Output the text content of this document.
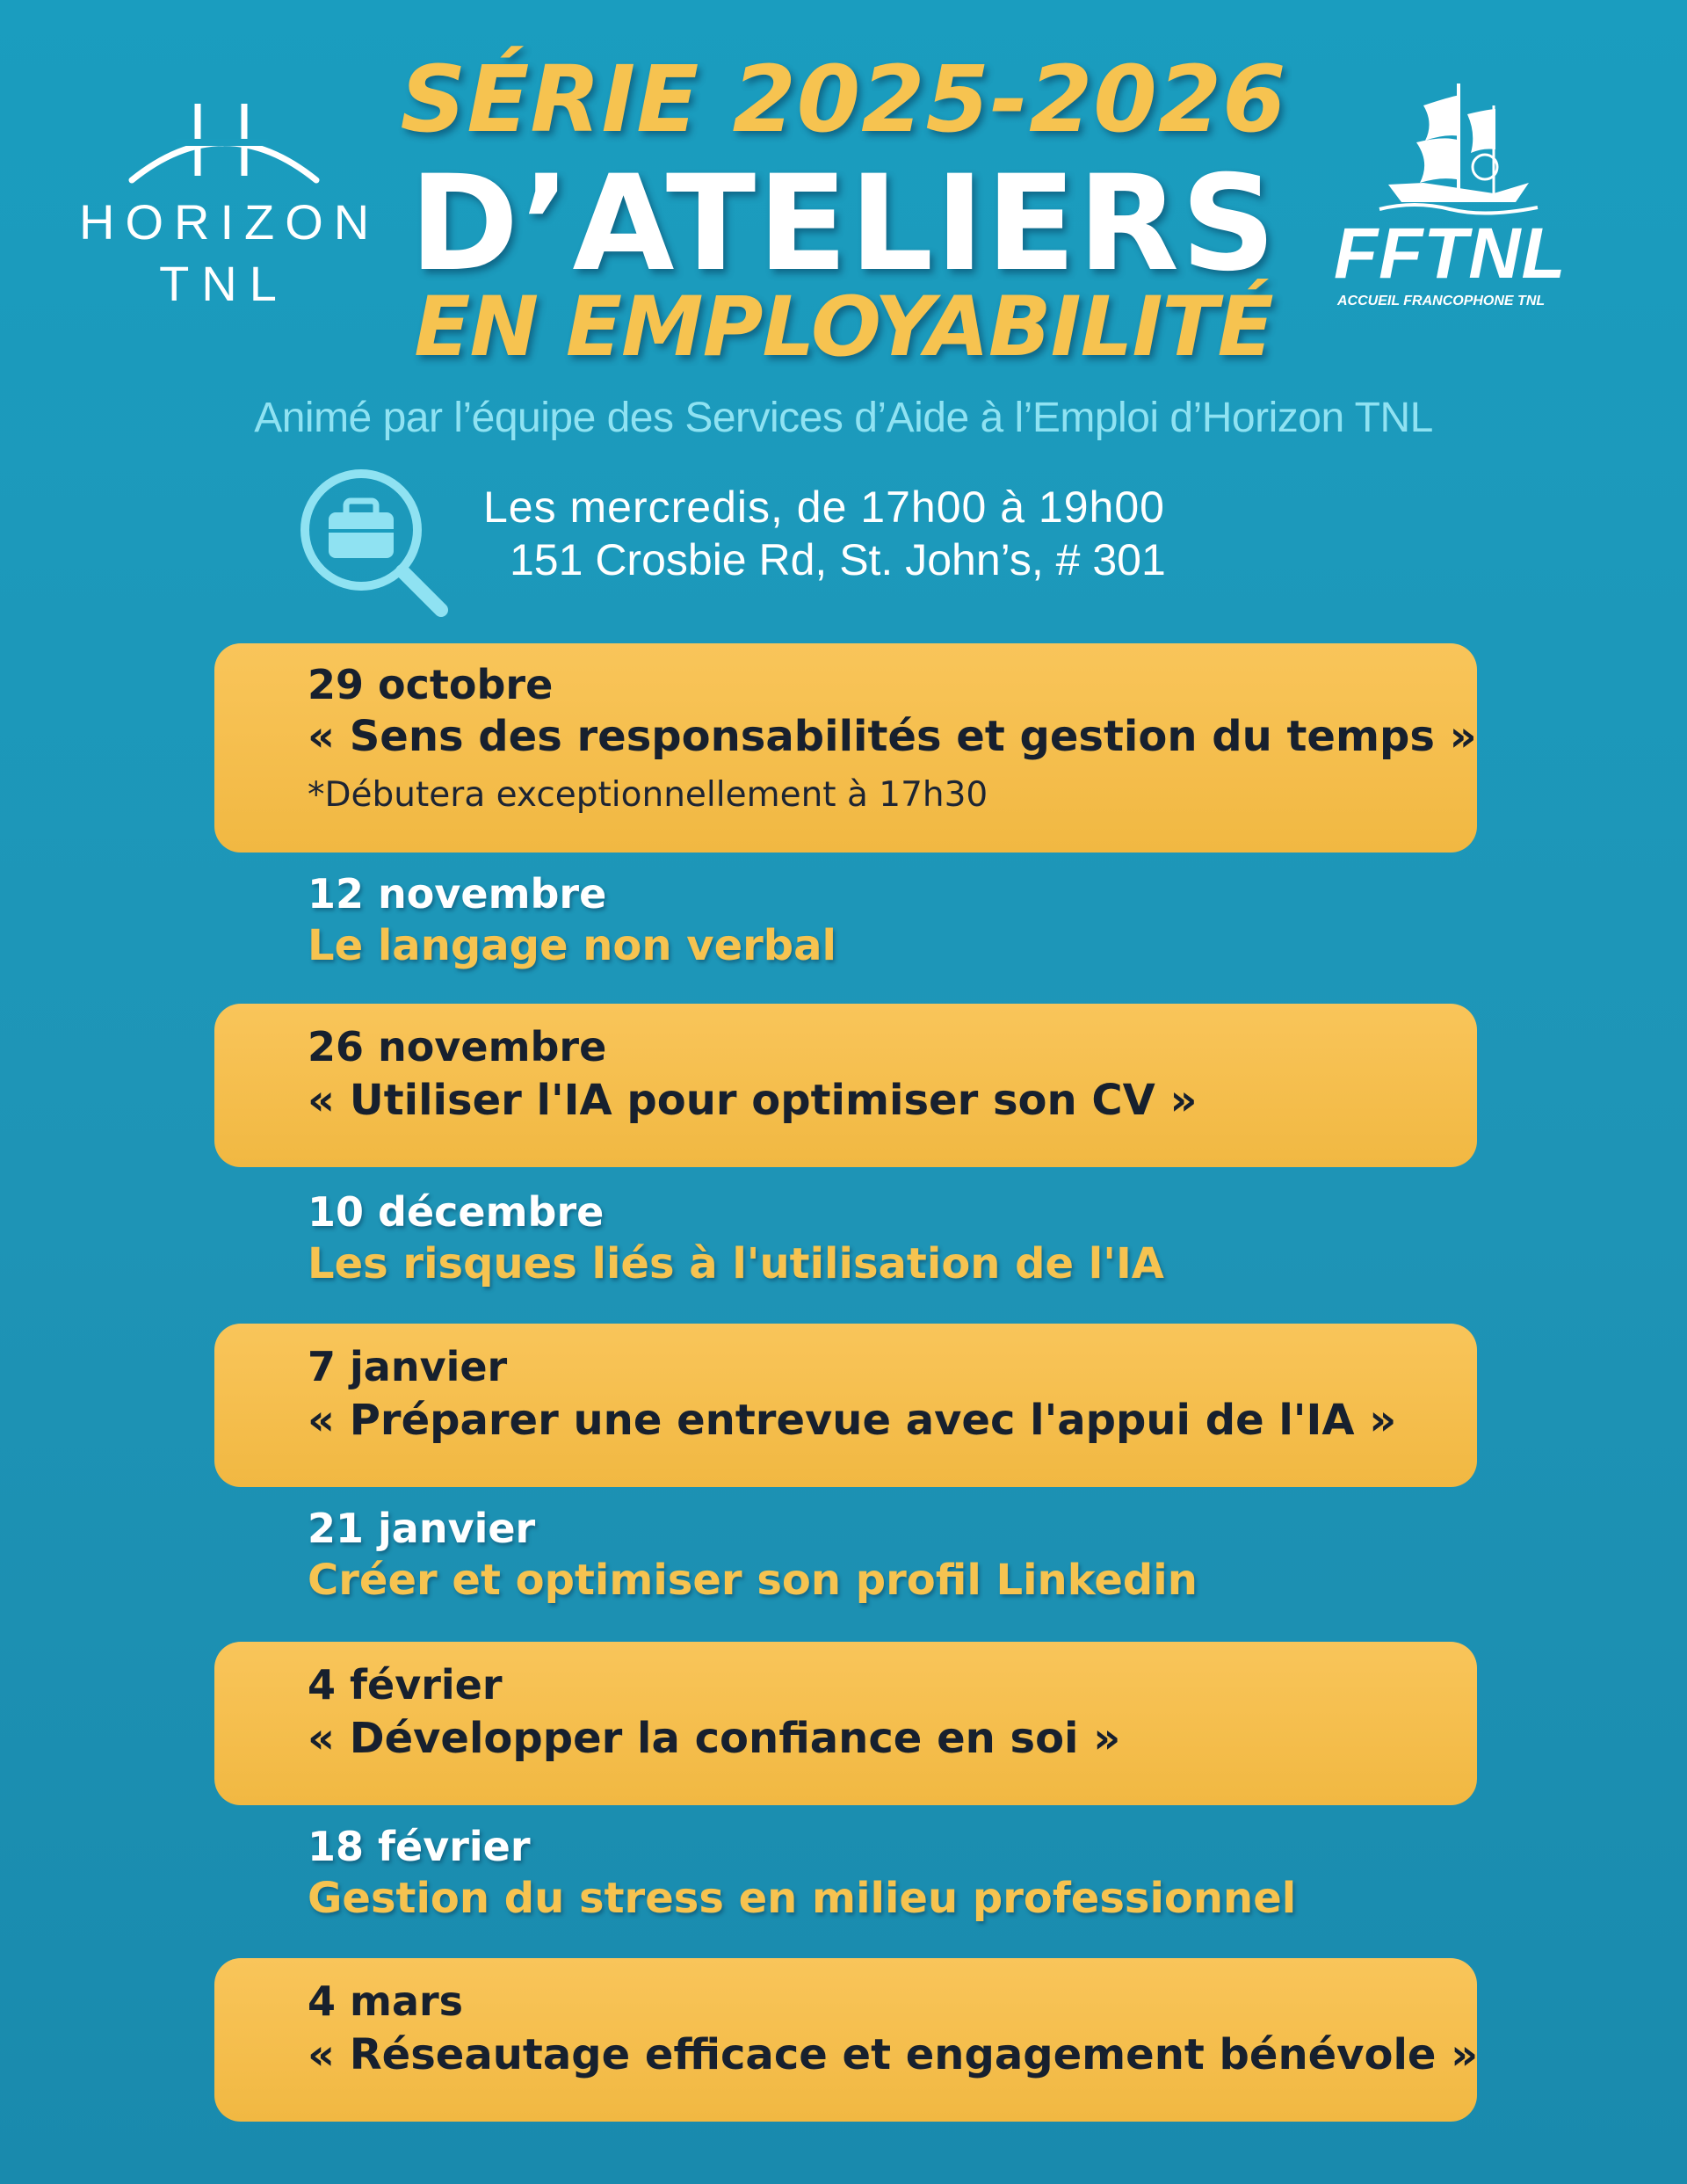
HORIZON
TNL	FFTNL
ACCUEIL FRANCOPHONE TNL
SÉRIE 2025-2026
D’ATELIERS
EN EMPLOYABILITÉ
Animé par l’équipe des Services d’Aide à l’Emploi d’Horizon TNL
Les mercredis, de 17h00 à 19h00
151 Crosbie Rd, St. John’s, # 301
29 octobre
« Sens des responsabilités et gestion du temps »
*Débutera exceptionnellement à 17h30
12 novembre
Le langage non verbal
26 novembre
« Utiliser l'IA pour optimiser son CV »
10 décembre
Les risques liés à l'utilisation de l'IA
7 janvier
« Préparer une entrevue avec l'appui de l'IA »
21 janvier
Créer et optimiser son profil Linkedin
4 février
« Développer la confiance en soi »
18 février
Gestion du stress en milieu professionnel
4 mars
« Réseautage efficace et engagement bénévole »
